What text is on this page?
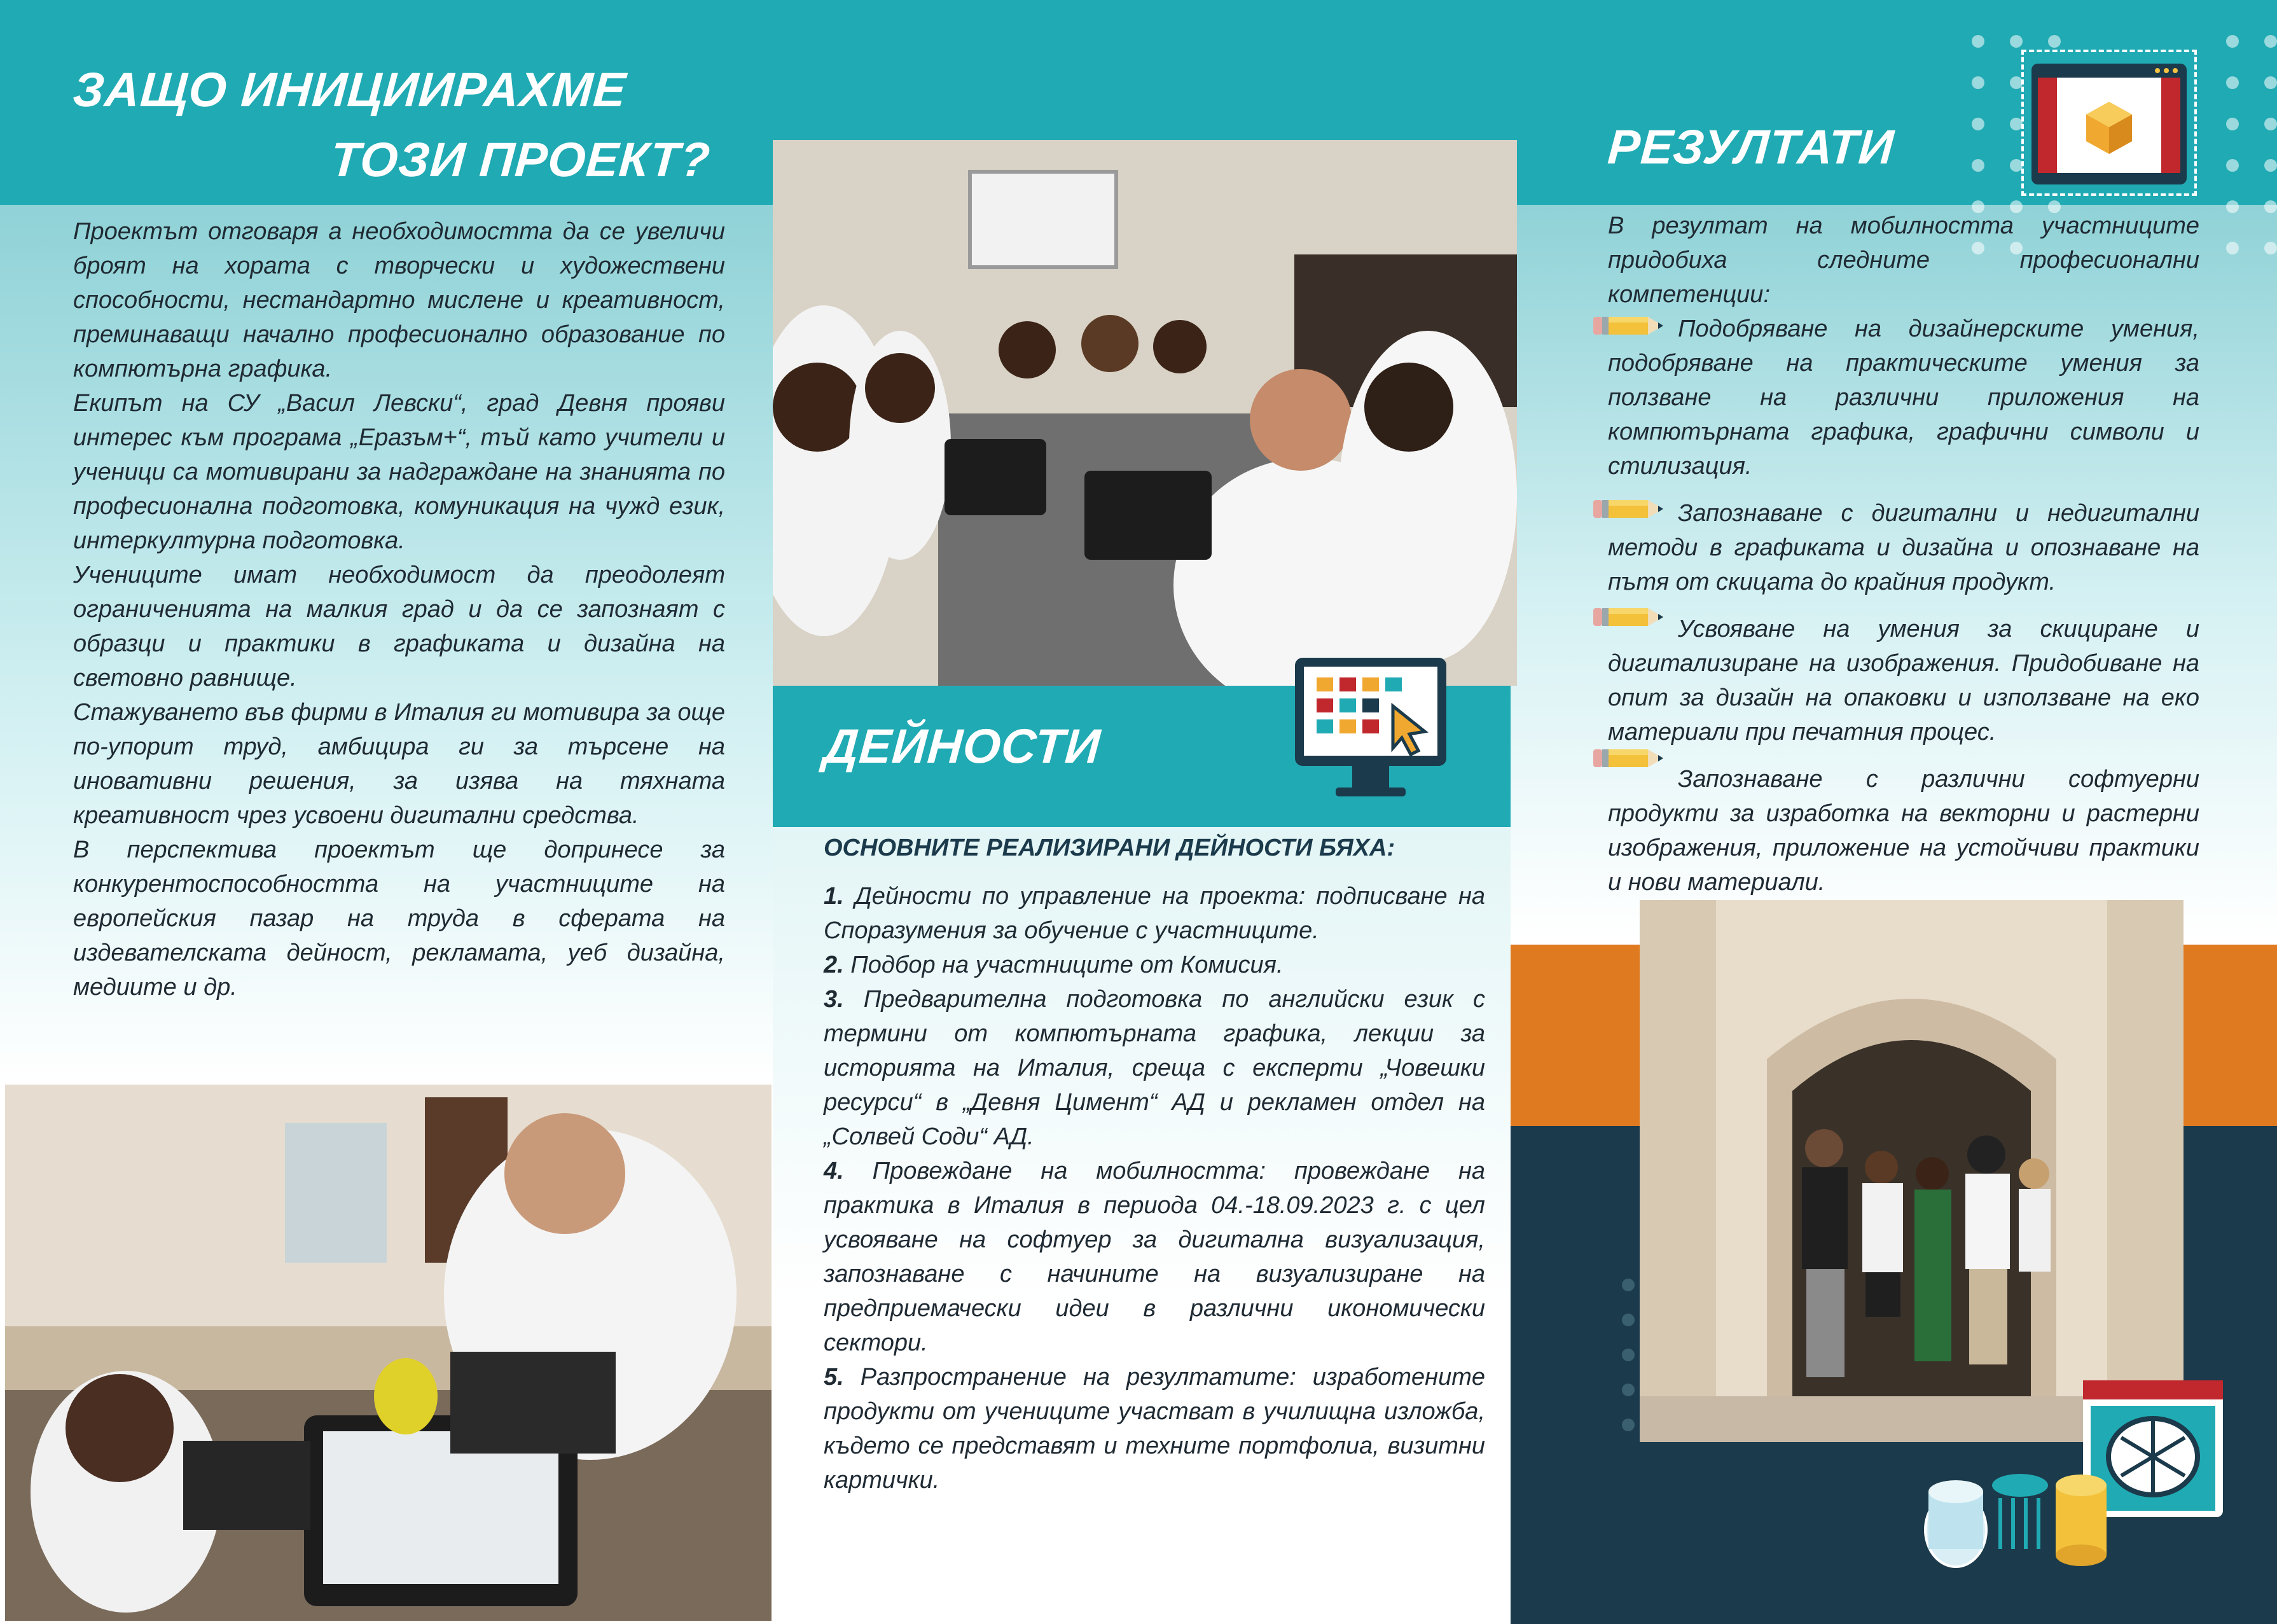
ЗАЩО ИНИЦИИРАХМЕ
ТОЗИ ПРОЕКТ?

Проектът отговаря а необходимостта да се увеличи броят на хората с творчески и художествени способности, нестандартно мислене и креативност, преминаващи начално професионално образование по компютърна графика.

Екипът на СУ „Васил Левски“, град Девня прояви интерес към програма „Еразъм+“, тъй като учители и ученици са мотивирани за надграждане на знанията по професионална подготовка, комуникация на чужд език, интеркултурна подготовка.

Учениците имат необходимост да преодолеят ограниченията на малкия град и да се запознаят с образци и практики в графиката и дизайна на световно равнище.

Стажуването във фирми в Италия ги мотивира за още по-упорит труд, амбицира ги за търсене на иновативни решения, за изява на тяхната креативност чрез усвоени дигитални средства.

В перспектива проектът ще допринесе за конкурентоспособността на участниците на европейския пазар на труда в сферата на издевателската дейност, рекламата, уеб дизайна, медиите и др.

ДЕЙНОСТИ
ОСНОВНИТЕ РЕАЛИЗИРАНИ ДЕЙНОСТИ БЯХА:

1. Дейности по управление на проекта: подписване на Споразумения за обучение с участниците.

2. Подбор на участниците от Комисия.

3. Предварителна подготовка по английски език с термини от компютърната графика, лекции за историята на Италия, среща с експерти „Човешки ресурси“ в „Девня Цимент“ АД и рекламен отдел на „Солвей Соди“ АД.

4. Провеждане на мобилността: провеждане на практика в Италия в периода 04.-18.09.2023 г. с цел усвояване на софтуер за дигитална визуализация, запознаване с начините на визуализиране на предприемачески идеи в различни икономически сектори.

5. Разпространение на резултатите: изработените продукти от учениците участват в училищна изложба, където се представят и техните портфолиа, визитни картички.

РЕЗУЛТАТИ

В резултат на мобилността участниците придобиха следните професионални компетенции:

Подобряване на дизайнерските умения, подобряване на практическите умения за ползване на различни приложения на компютърната графика, графични символи и стилизация.

Запознаване с дигитални и недигитални методи в графиката и дизайна и опознаване на пътя от скицата до крайния продукт.

Усвояване на умения за скициране и дигитализиране на изображения. Придобиване на опит за дизайн на опаковки и използване на еко материали при печатния процес.

Запознаване с различни софтуерни продукти за изработка на векторни и растерни изображения, приложение на устойчиви практики и нови материали.
